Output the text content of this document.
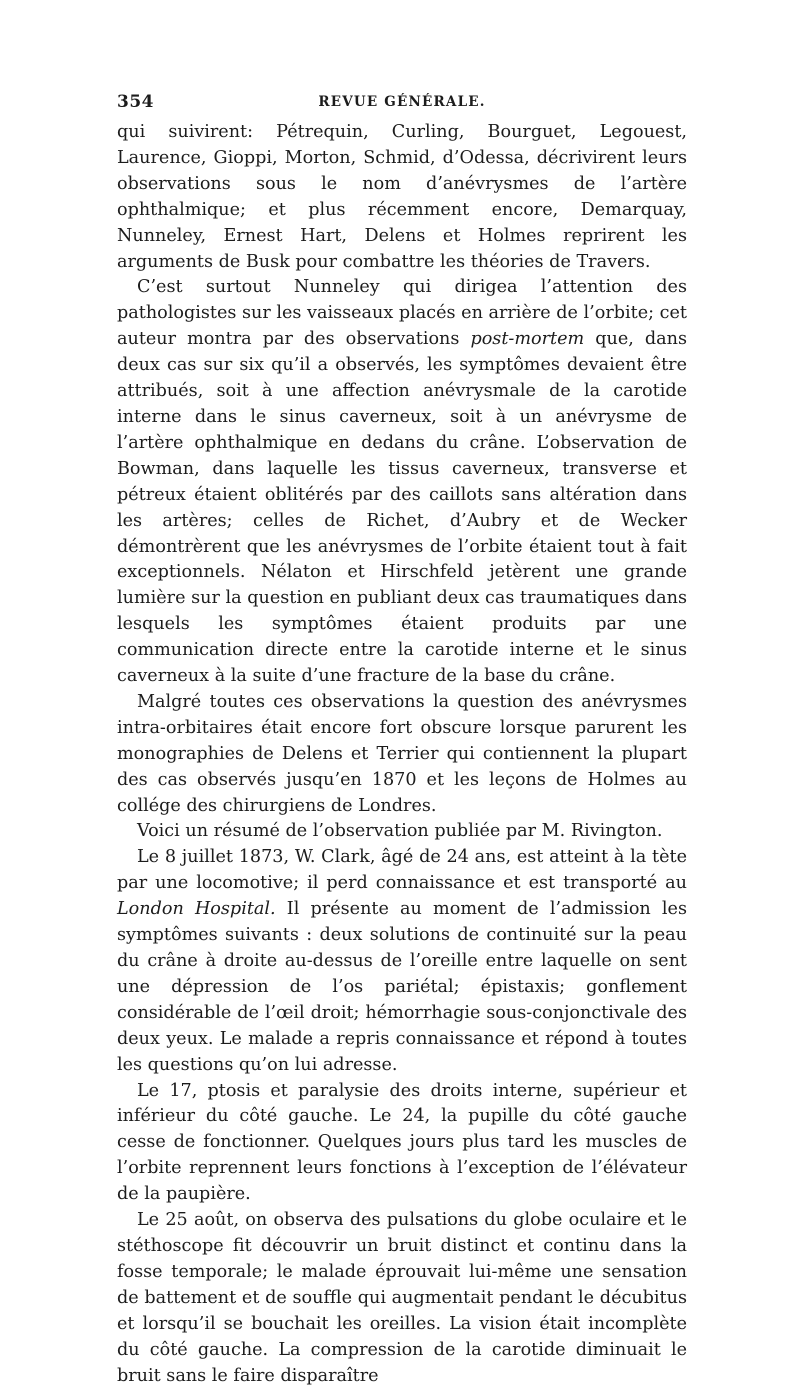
354	REVUE GÉNÉRALE.

qui suivirent: Pétrequin, Curling, Bourguet, Legouest, Laurence, Gioppi, Morton, Schmid, d’Odessa, décrivirent leurs observations sous le nom d’anévrysmes de l’artère ophthalmique; et plus récemment encore, Demarquay, Nunneley, Ernest Hart, Delens et Holmes reprirent les arguments de Busk pour combattre les théories de Travers.

C’est surtout Nunneley qui dirigea l’attention des pathologistes sur les vaisseaux placés en arrière de l’orbite; cet auteur montra par des observations post-mortem que, dans deux cas sur six qu’il a observés, les symptômes devaient être attribués, soit à une affection anévrysmale de la carotide interne dans le sinus caverneux, soit à un anévrysme de l’artère ophthalmique en dedans du crâne. L’observation de Bowman, dans laquelle les tissus caverneux, transverse et pétreux étaient oblitérés par des caillots sans altération dans les artères; celles de Richet, d’Aubry et de Wecker démontrèrent que les anévrysmes de l’orbite étaient tout à fait exceptionnels. Nélaton et Hirschfeld jetèrent une grande lumière sur la question en publiant deux cas traumatiques dans lesquels les symptômes étaient produits par une communication directe entre la carotide interne et le sinus caverneux à la suite d’une fracture de la base du crâne.

Malgré toutes ces observations la question des anévrysmes intra-orbitaires était encore fort obscure lorsque parurent les monographies de Delens et Terrier qui contiennent la plupart des cas observés jusqu’en 1870 et les leçons de Holmes au collége des chirurgiens de Londres.

Voici un résumé de l’observation publiée par M. Rivington.

Le 8 juillet 1873, W. Clark, âgé de 24 ans, est atteint à la tète par une locomotive; il perd connaissance et est transporté au London Hospital. Il présente au moment de l’admission les symptômes suivants : deux solutions de continuité sur la peau du crâne à droite au-dessus de l’oreille entre laquelle on sent une dépression de l’os pariétal; épistaxis; gonflement considérable de l’œil droit; hémorrhagie sous-conjonctivale des deux yeux. Le malade a repris connaissance et répond à toutes les questions qu’on lui adresse.

Le 17, ptosis et paralysie des droits interne, supérieur et inférieur du côté gauche. Le 24, la pupille du côté gauche cesse de fonctionner. Quelques jours plus tard les muscles de l’orbite reprennent leurs fonctions à l’exception de l’élévateur de la paupière.

Le 25 août, on observa des pulsations du globe oculaire et le stéthoscope fit découvrir un bruit distinct et continu dans la fosse temporale; le malade éprouvait lui-même une sensation de battement et de souffle qui augmentait pendant le décubitus et lorsqu’il se bouchait les oreilles. La vision était incomplète du côté gauche. La compression de la carotide diminuait le bruit sans le faire disparaître
